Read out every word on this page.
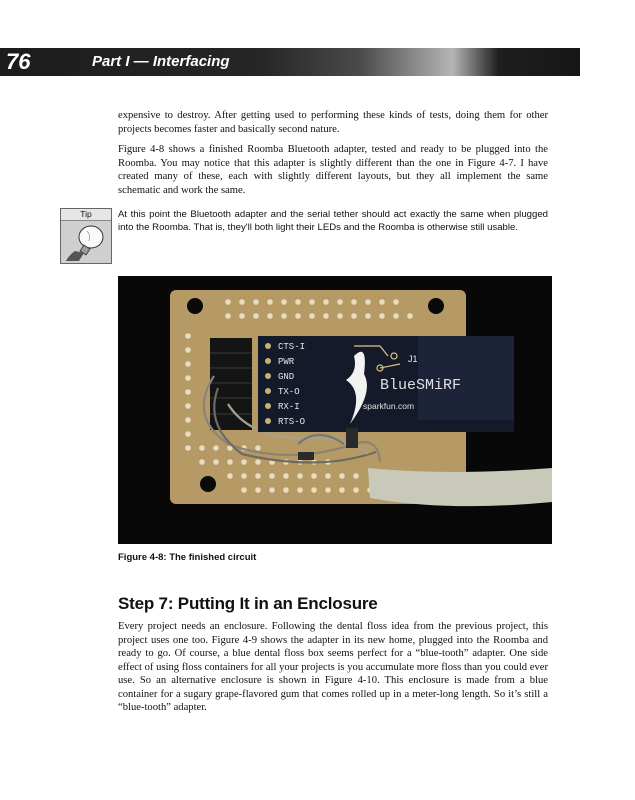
76	Part I — Interfacing

expensive to destroy. After getting used to performing these kinds of tests, doing them for other projects becomes faster and basically second nature.

Figure 4-8 shows a finished Roomba Bluetooth adapter, tested and ready to be plugged into the Roomba. You may notice that this adapter is slightly different than the one in Figure 4-7. I have created many of these, each with slightly different layouts, but they all implement the same schematic and work the same.

Tip	At this point the Bluetooth adapter and the serial tether should act exactly the same when plugged into the Roomba. That is, they'll both light their LEDs and the Roomba is otherwise still usable.

CTS-I
PWR
GND
TX-O
RX-I
RTS-O
J1
BlueSMiRF
sparkfun.com
Figure 4-8: The finished circuit
Step 7: Putting It in an Enclosure

Every project needs an enclosure. Following the dental floss idea from the previous project, this project uses one too. Figure 4-9 shows the adapter in its new home, plugged into the Roomba and ready to go. Of course, a blue dental floss box seems perfect for a “blue-tooth” adapter. One side effect of using floss containers for all your projects is you accumulate more floss than you could ever use. So an alternative enclosure is shown in Figure 4-10. This enclosure is made from a blue container for a sugary grape-flavored gum that comes rolled up in a meter-long length. So it’s still a “blue-tooth” adapter.
